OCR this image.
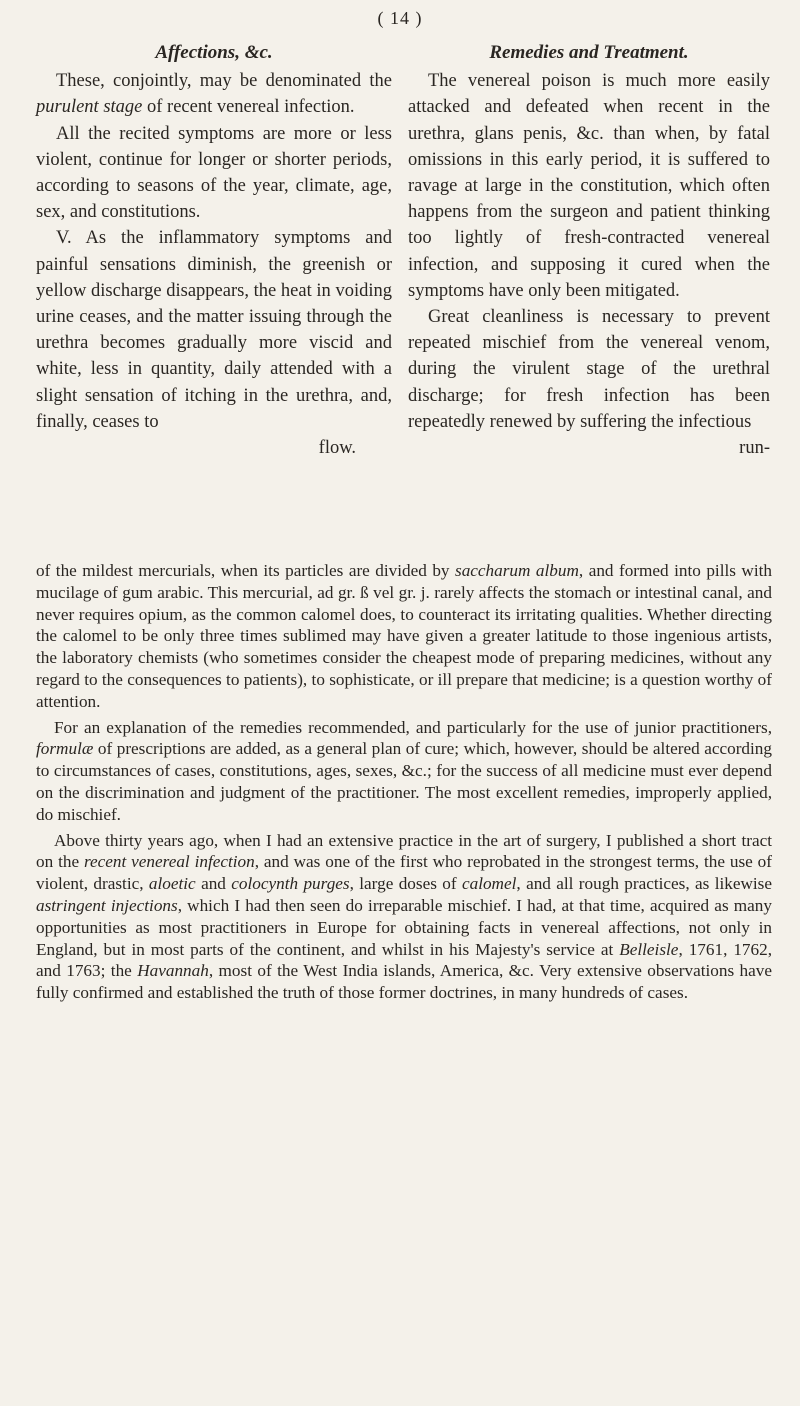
( 14 )
Affections, &c.

These, conjointly, may be denominated the purulent stage of recent venereal infection.

All the recited symptoms are more or less violent, continue for longer or shorter periods, according to seasons of the year, climate, age, sex, and constitutions.

V. As the inflammatory symptoms and painful sensations diminish, the greenish or yellow discharge disappears, the heat in voiding urine ceases, and the matter issuing through the urethra becomes gradually more viscid and white, less in quantity, daily attended with a slight sensation of itching in the urethra, and, finally, ceases to

flow.

Remedies and Treatment.

The venereal poison is much more easily attacked and defeated when recent in the urethra, glans penis, &c. than when, by fatal omissions in this early period, it is suffered to ravage at large in the constitution, which often happens from the surgeon and patient thinking too lightly of fresh-contracted venereal infection, and supposing it cured when the symptoms have only been mitigated.

Great cleanliness is necessary to prevent repeated mischief from the venereal venom, during the virulent stage of the urethral discharge; for fresh infection has been repeatedly renewed by suffering the infectious

run-

of the mildest mercurials, when its particles are divided by saccharum album, and formed into pills with mucilage of gum arabic. This mercurial, ad gr. ß vel gr. j. rarely affects the stomach or intestinal canal, and never requires opium, as the common calomel does, to counteract its irritating qualities. Whether directing the calomel to be only three times sublimed may have given a greater latitude to those ingenious artists, the laboratory chemists (who sometimes consider the cheapest mode of preparing medicines, without any regard to the consequences to patients), to sophisticate, or ill prepare that medicine; is a question worthy of attention.

For an explanation of the remedies recommended, and particularly for the use of junior practitioners, formulæ of prescriptions are added, as a general plan of cure; which, however, should be altered according to circumstances of cases, constitutions, ages, sexes, &c.; for the success of all medicine must ever depend on the discrimination and judgment of the practitioner. The most excellent remedies, improperly applied, do mischief.

Above thirty years ago, when I had an extensive practice in the art of surgery, I published a short tract on the recent venereal infection, and was one of the first who reprobated in the strongest terms, the use of violent, drastic, aloetic and colocynth purges, large doses of calomel, and all rough practices, as likewise astringent injections, which I had then seen do irreparable mischief. I had, at that time, acquired as many opportunities as most practitioners in Europe for obtaining facts in venereal affections, not only in England, but in most parts of the continent, and whilst in his Majesty's service at Belleisle, 1761, 1762, and 1763; the Havannah, most of the West India islands, America, &c. Very extensive observations have fully confirmed and established the truth of those former doctrines, in many hundreds of cases.
